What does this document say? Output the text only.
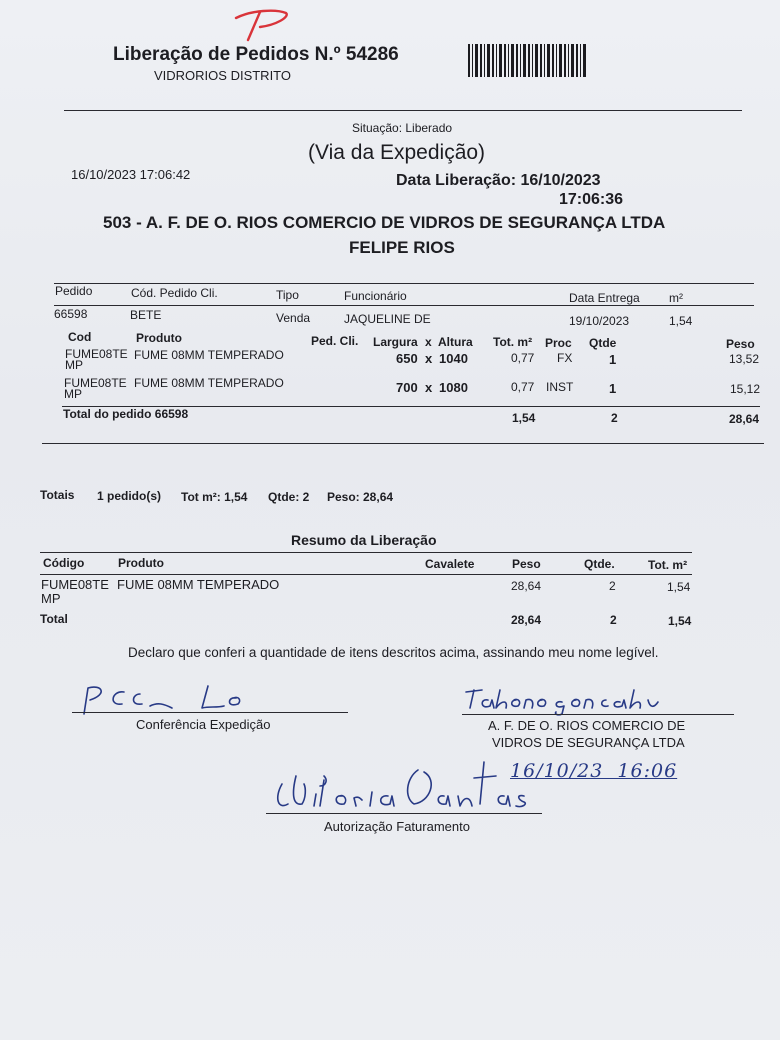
Liberação de Pedidos N.º 54286
VIDRORIOS DISTRITO
Situação: Liberado
(Via da Expedição)
16/10/2023 17:06:42	Data Liberação: 16/10/2023
17:06:36
503 - A. F. DE O. RIOS COMERCIO DE VIDROS DE SEGURANÇA LTDA
FELIPE RIOS
Pedido	Cód. Pedido Cli.	Tipo	Funcionário	Data Entrega m²
66598	BETE	Venda	JAQUELINE DE	19/10/2023	1,54
Cod	Produto	Ped. Cli. Largura x Altura Tot. m² Proc Qtde	Peso
FUME08TE
MP
FUME 08MM TEMPERADO	650 x 1040	0,77 FX	1	13,52
FUME08TE
MP
FUME 08MM TEMPERADO	700 x 1080	0,77 INST	1	15,12
Total do pedido 66598	1,54	2	28,64
Totais 1 pedido(s) Tot m²: 1,54 Qtde: 2 Peso: 28,64
Resumo da Liberação
Código	Produto	Cavalete	Peso	Qtde.	Tot. m²
FUME08TE
MP
FUME 08MM TEMPERADO	28,64	2	1,54
Total	28,64	2	1,54
Declaro que conferi a quantidade de itens descritos acima, assinando meu nome legível.
Conferência Expedição	A. F. DE O. RIOS COMERCIO DE
VIDROS DE SEGURANÇA LTDA
16/10/23  16:06
Autorização Faturamento
